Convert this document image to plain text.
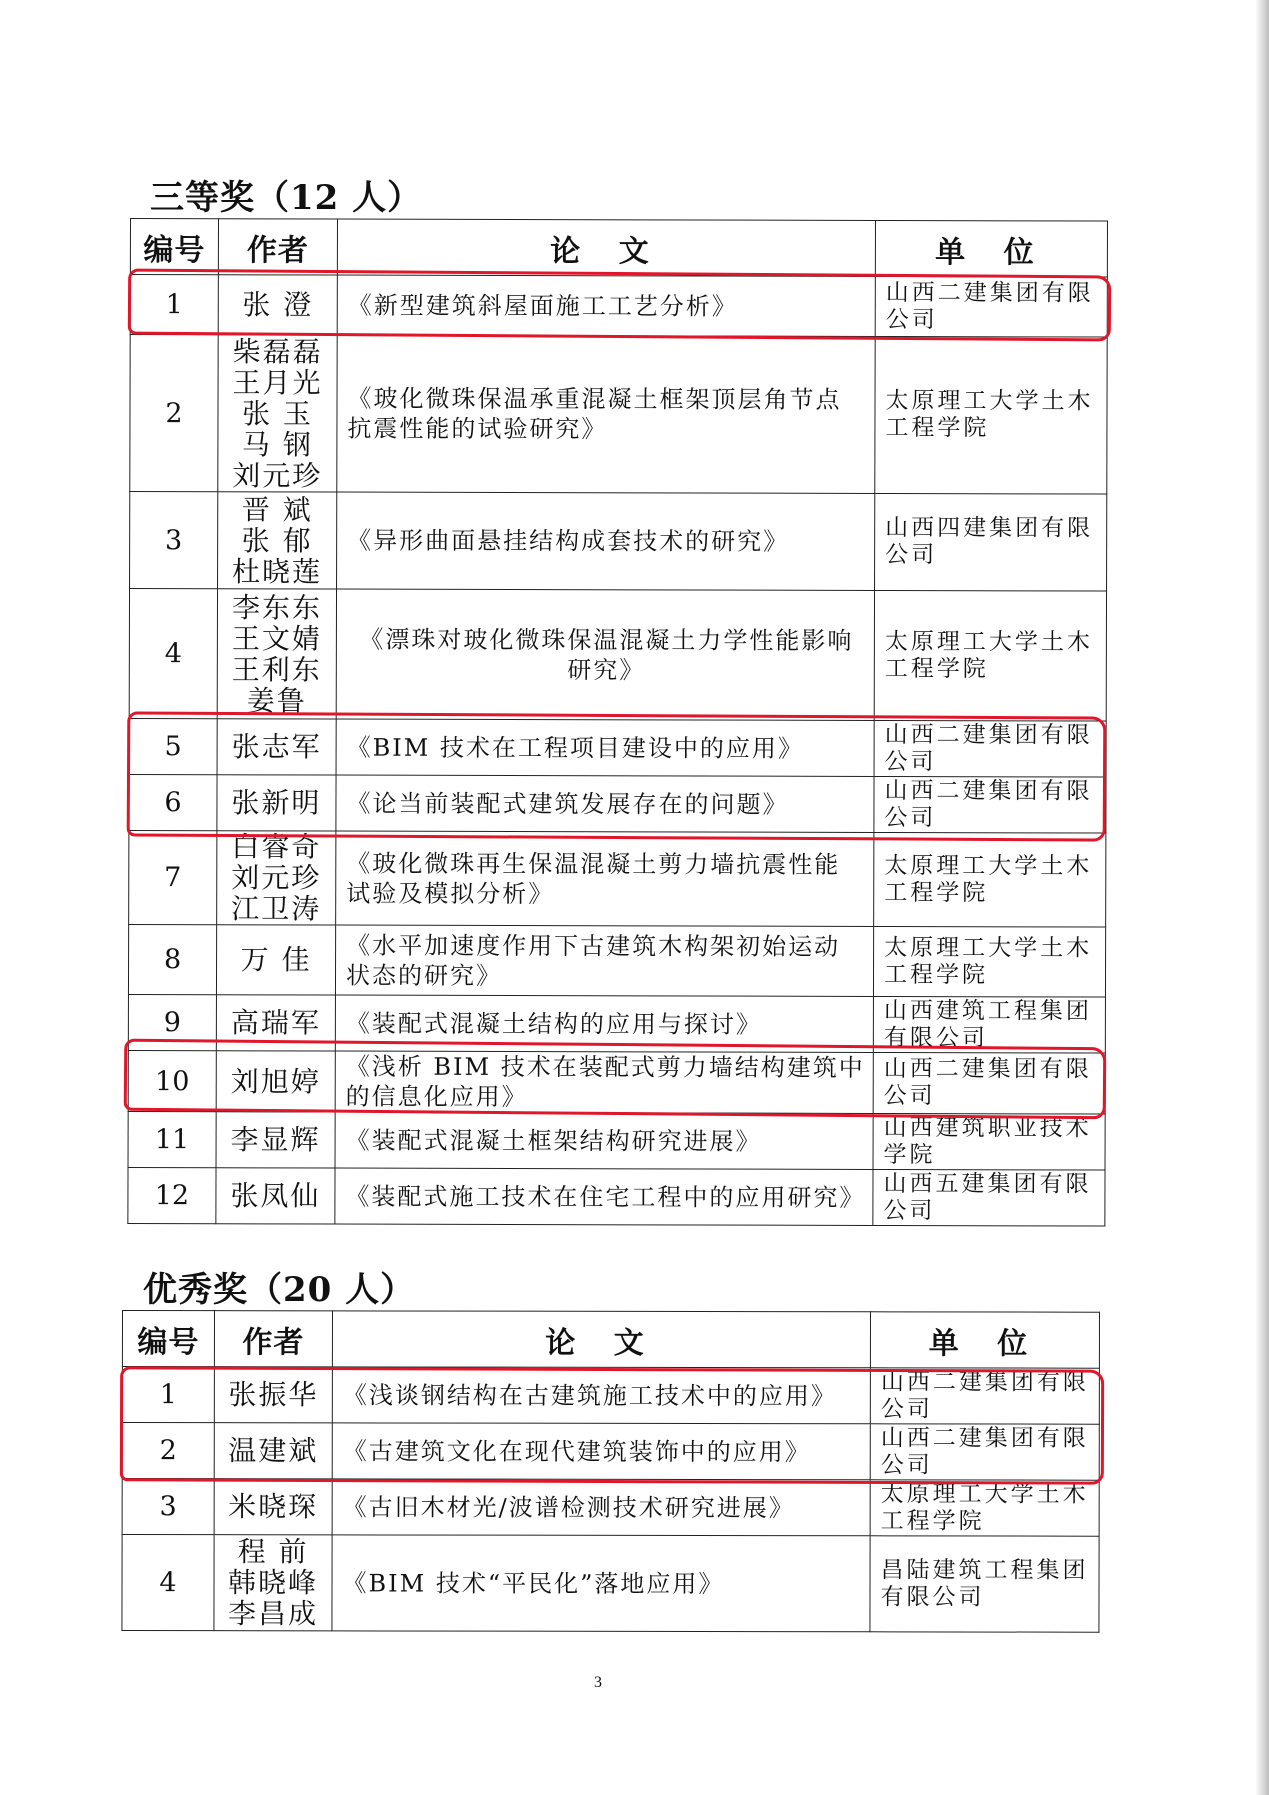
三等奖（12 人）
编号	作者	论 文	单 位
1	张 澄	《新型建筑斜屋面施工工艺分析》	山西二建集团有限公司
2	柴磊磊
王月光
张 玉
马 钢
刘元珍	《玻化微珠保温承重混凝土框架顶层角节点抗震性能的试验研究》	太原理工大学土木工程学院
3	晋 斌
张 郁
杜晓莲	《异形曲面悬挂结构成套技术的研究》	山西四建集团有限公司
4	李东东
王文婧
王利东
姜鲁	《漂珠对玻化微珠保温混凝土力学性能影响研究》	太原理工大学土木工程学院
5	张志军	《BIM 技术在工程项目建设中的应用》	山西二建集团有限公司
6	张新明	《论当前装配式建筑发展存在的问题》	山西二建集团有限公司
7	白睿奇
刘元珍
江卫涛	《玻化微珠再生保温混凝土剪力墙抗震性能试验及模拟分析》	太原理工大学土木工程学院
8	万 佳	《水平加速度作用下古建筑木构架初始运动状态的研究》	太原理工大学土木工程学院
9	高瑞军	《装配式混凝土结构的应用与探讨》	山西建筑工程集团有限公司
10	刘旭婷	《浅析 BIM 技术在装配式剪力墙结构建筑中的信息化应用》	山西二建集团有限公司
11	李显辉	《装配式混凝土框架结构研究进展》	山西建筑职业技术学院
12	张凤仙	《装配式施工技术在住宅工程中的应用研究》	山西五建集团有限公司
优秀奖（20 人）
编号	作者	论 文	单 位
1	张振华	《浅谈钢结构在古建筑施工技术中的应用》	山西二建集团有限公司
2	温建斌	《古建筑文化在现代建筑装饰中的应用》	山西二建集团有限公司
3	米晓琛	《古旧木材光/波谱检测技术研究进展》	太原理工大学土木工程学院
4	程 前
韩晓峰
李昌成	《BIM 技术“平民化”落地应用》	昌陆建筑工程集团有限公司
3
